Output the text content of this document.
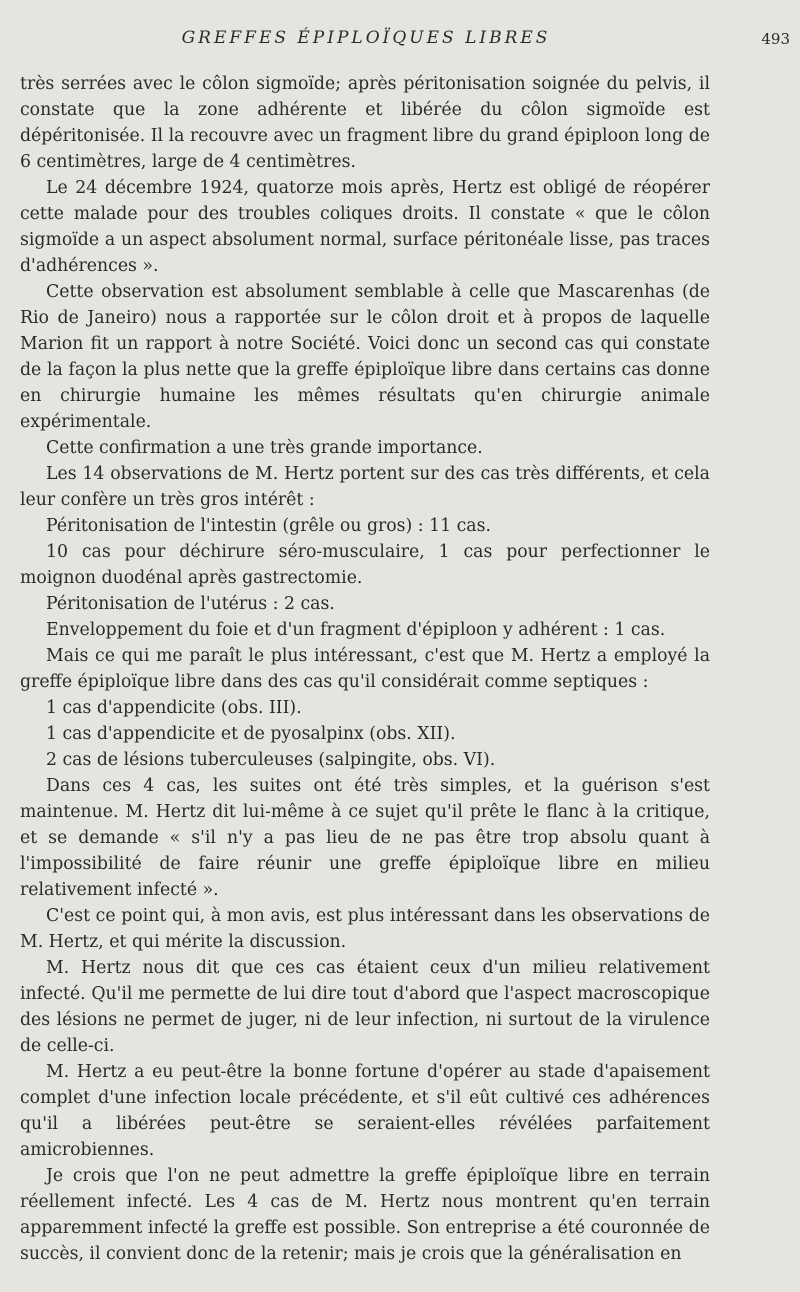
GREFFES ÉPIPLOÏQUES LIBRES	493

très serrées avec le côlon sigmoïde; après péritonisation soignée du pelvis, il constate que la zone adhérente et libérée du côlon sigmoïde est dépéritonisée. Il la recouvre avec un fragment libre du grand épiploon long de 6 centimètres, large de 4 centimètres.

Le 24 décembre 1924, quatorze mois après, Hertz est obligé de réopérer cette malade pour des troubles coliques droits. Il constate « que le côlon sigmoïde a un aspect absolument normal, surface péritonéale lisse, pas traces d'adhérences ».

Cette observation est absolument semblable à celle que Mascarenhas (de Rio de Janeiro) nous a rapportée sur le côlon droit et à propos de laquelle Marion fit un rapport à notre Société. Voici donc un second cas qui constate de la façon la plus nette que la greffe épiploïque libre dans certains cas donne en chirurgie humaine les mêmes résultats qu'en chirurgie animale expérimentale.

Cette confirmation a une très grande importance.

Les 14 observations de M. Hertz portent sur des cas très différents, et cela leur confère un très gros intérêt :

Péritonisation de l'intestin (grêle ou gros) : 11 cas.

10 cas pour déchirure séro-musculaire, 1 cas pour perfectionner le moignon duodénal après gastrectomie.

Péritonisation de l'utérus : 2 cas.

Enveloppement du foie et d'un fragment d'épiploon y adhérent : 1 cas.

Mais ce qui me paraît le plus intéressant, c'est que M. Hertz a employé la greffe épiploïque libre dans des cas qu'il considérait comme septiques :

1 cas d'appendicite (obs. III).

1 cas d'appendicite et de pyosalpinx (obs. XII).

2 cas de lésions tuberculeuses (salpingite, obs. VI).

Dans ces 4 cas, les suites ont été très simples, et la guérison s'est maintenue. M. Hertz dit lui-même à ce sujet qu'il prête le flanc à la critique, et se demande « s'il n'y a pas lieu de ne pas être trop absolu quant à l'impossibilité de faire réunir une greffe épiploïque libre en milieu relativement infecté ».

C'est ce point qui, à mon avis, est plus intéressant dans les observations de M. Hertz, et qui mérite la discussion.

M. Hertz nous dit que ces cas étaient ceux d'un milieu relativement infecté. Qu'il me permette de lui dire tout d'abord que l'aspect macroscopique des lésions ne permet de juger, ni de leur infection, ni surtout de la virulence de celle-ci.

M. Hertz a eu peut-être la bonne fortune d'opérer au stade d'apaisement complet d'une infection locale précédente, et s'il eût cultivé ces adhérences qu'il a libérées peut-être se seraient-elles révélées parfaitement amicrobiennes.

Je crois que l'on ne peut admettre la greffe épiploïque libre en terrain réellement infecté. Les 4 cas de M. Hertz nous montrent qu'en terrain apparemment infecté la greffe est possible. Son entreprise a été couronnée de succès, il convient donc de la retenir; mais je crois que la généralisation en
